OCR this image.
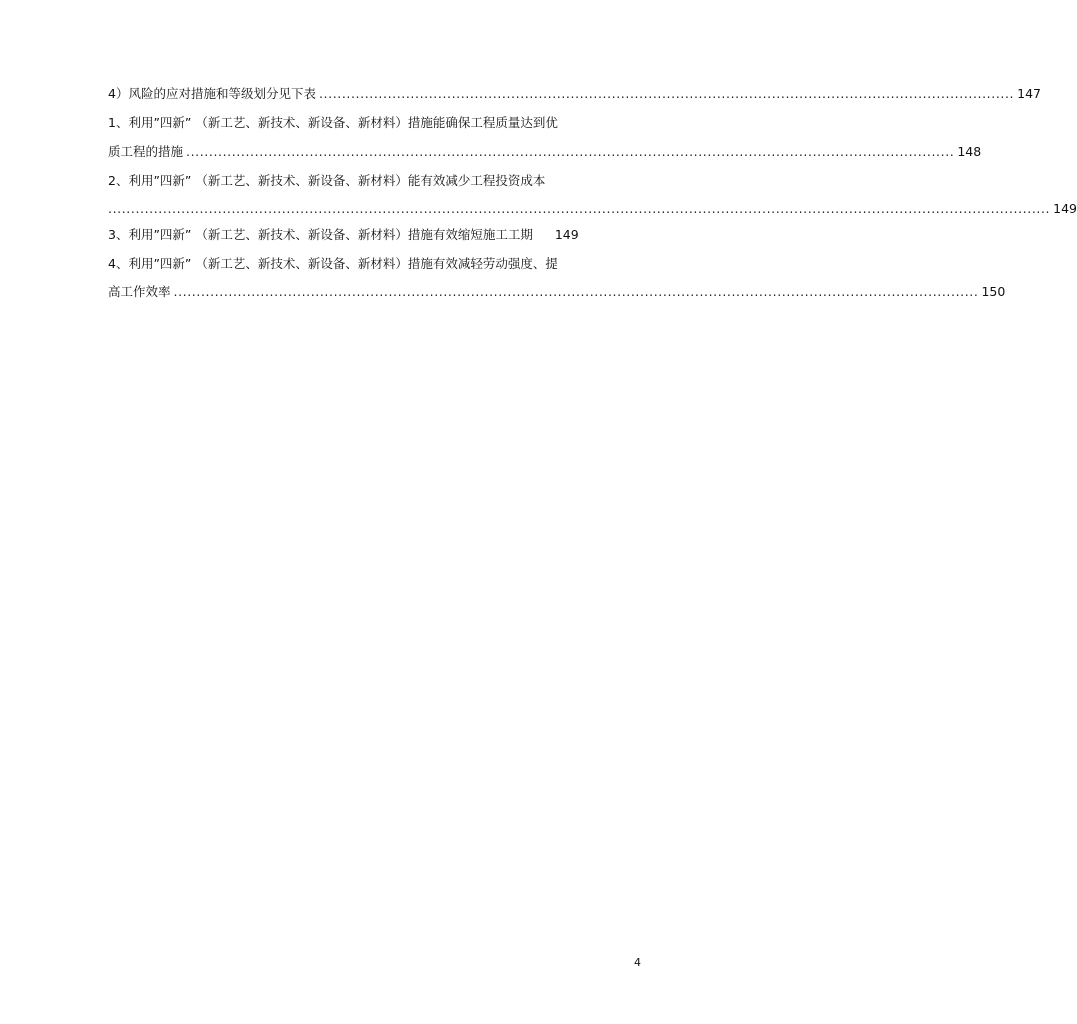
4）风险的应对措施和等级划分见下表 ........................................................................................................................................................ 147
1、利用”四新” （新工艺、新技术、新设备、新材料）措施能确保工程质量达到优
质工程的措施 ........................................................................................................................................................................ 148
2、利用”四新” （新工艺、新技术、新设备、新材料）能有效减少工程投资成本
.............................................................................................................................................................................................................. 149
3、利用”四新” （新工艺、新技术、新设备、新材料）措施有效缩短施工工期 149
4、利用”四新” （新工艺、新技术、新设备、新材料）措施有效减轻劳动强度、提
高工作效率 ................................................................................................................................................................................ 150
4
